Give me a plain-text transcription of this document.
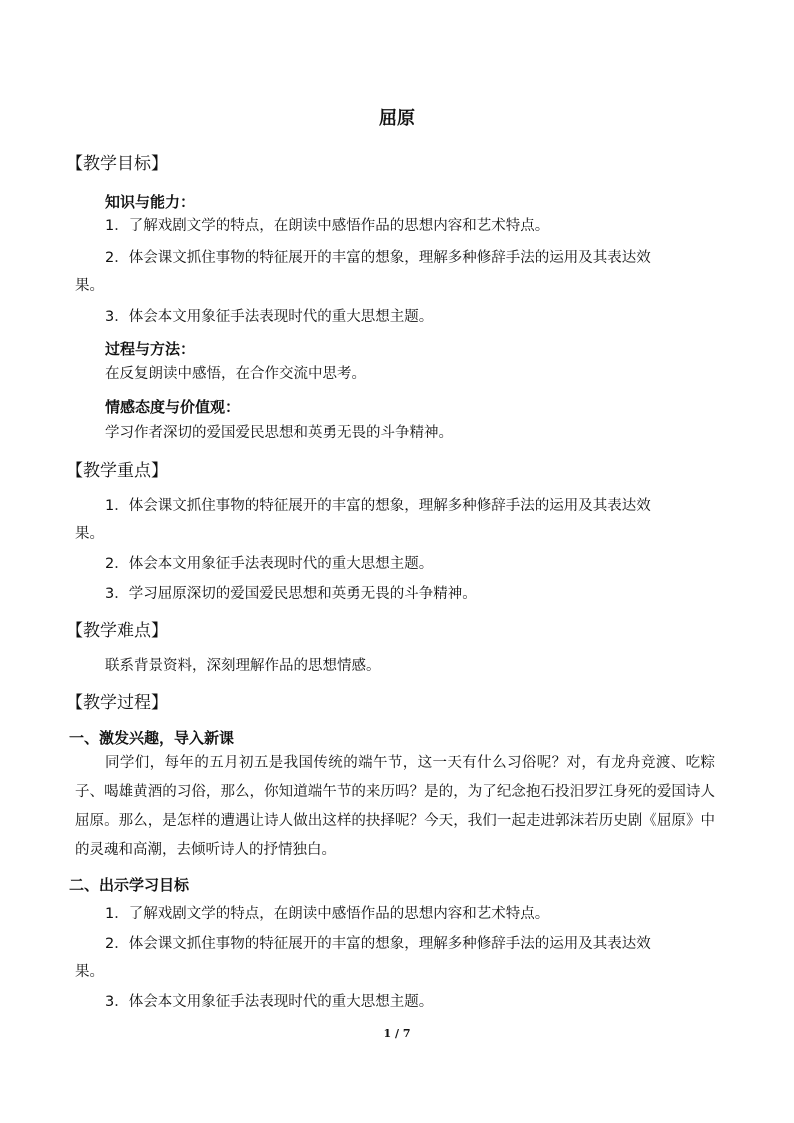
屈原
【教学目标】
知识与能力：
1．了解戏剧文学的特点，在朗读中感悟作品的思想内容和艺术特点。
2．体会课文抓住事物的特征展开的丰富的想象，理解多种修辞手法的运用及其表达效
果。
3．体会本文用象征手法表现时代的重大思想主题。
过程与方法：
在反复朗读中感悟，在合作交流中思考。
情感态度与价值观：
学习作者深切的爱国爱民思想和英勇无畏的斗争精神。
【教学重点】
1．体会课文抓住事物的特征展开的丰富的想象，理解多种修辞手法的运用及其表达效
果。
2．体会本文用象征手法表现时代的重大思想主题。
3．学习屈原深切的爱国爱民思想和英勇无畏的斗争精神。
【教学难点】
联系背景资料，深刻理解作品的思想情感。
【教学过程】
一、激发兴趣，导入新课
同学们，每年的五月初五是我国传统的端午节，这一天有什么习俗呢？对，有龙舟竞渡、吃粽子、喝雄黄酒的习俗，那么，你知道端午节的来历吗？是的，为了纪念抱石投汨罗江身死的爱国诗人屈原。那么，是怎样的遭遇让诗人做出这样的抉择呢？今天，我们一起走进郭沫若历史剧《屈原》中的灵魂和高潮，去倾听诗人的抒情独白。
二、出示学习目标
1．了解戏剧文学的特点，在朗读中感悟作品的思想内容和艺术特点。
2．体会课文抓住事物的特征展开的丰富的想象，理解多种修辞手法的运用及其表达效
果。
3．体会本文用象征手法表现时代的重大思想主题。
1 / 7
